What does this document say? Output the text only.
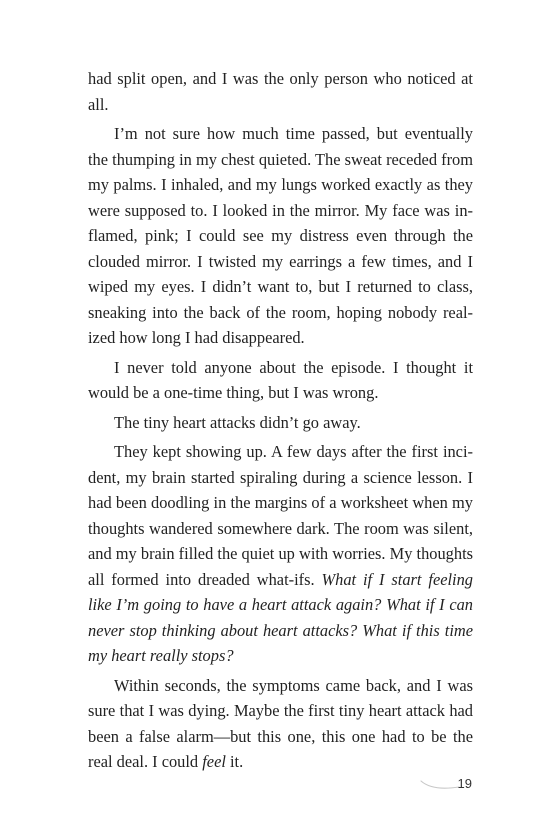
had split open, and I was the only person who noticed at all.

I’m not sure how much time passed, but eventually the thumping in my chest quieted. The sweat receded from my palms. I inhaled, and my lungs worked exactly as they were supposed to. I looked in the mirror. My face was inflamed, pink; I could see my distress even through the clouded mirror. I twisted my earrings a few times, and I wiped my eyes. I didn’t want to, but I returned to class, sneaking into the back of the room, hoping nobody realized how long I had disappeared.

I never told anyone about the episode. I thought it would be a one-time thing, but I was wrong.

The tiny heart attacks didn’t go away.

They kept showing up. A few days after the first incident, my brain started spiraling during a science lesson. I had been doodling in the margins of a worksheet when my thoughts wandered somewhere dark. The room was silent, and my brain filled the quiet up with worries. My thoughts all formed into dreaded what-ifs. What if I start feeling like I’m going to have a heart attack again? What if I can never stop thinking about heart attacks? What if this time my heart really stops?

Within seconds, the symptoms came back, and I was sure that I was dying. Maybe the first tiny heart attack had been a false alarm—but this one, this one had to be the real deal. I could feel it.

19
